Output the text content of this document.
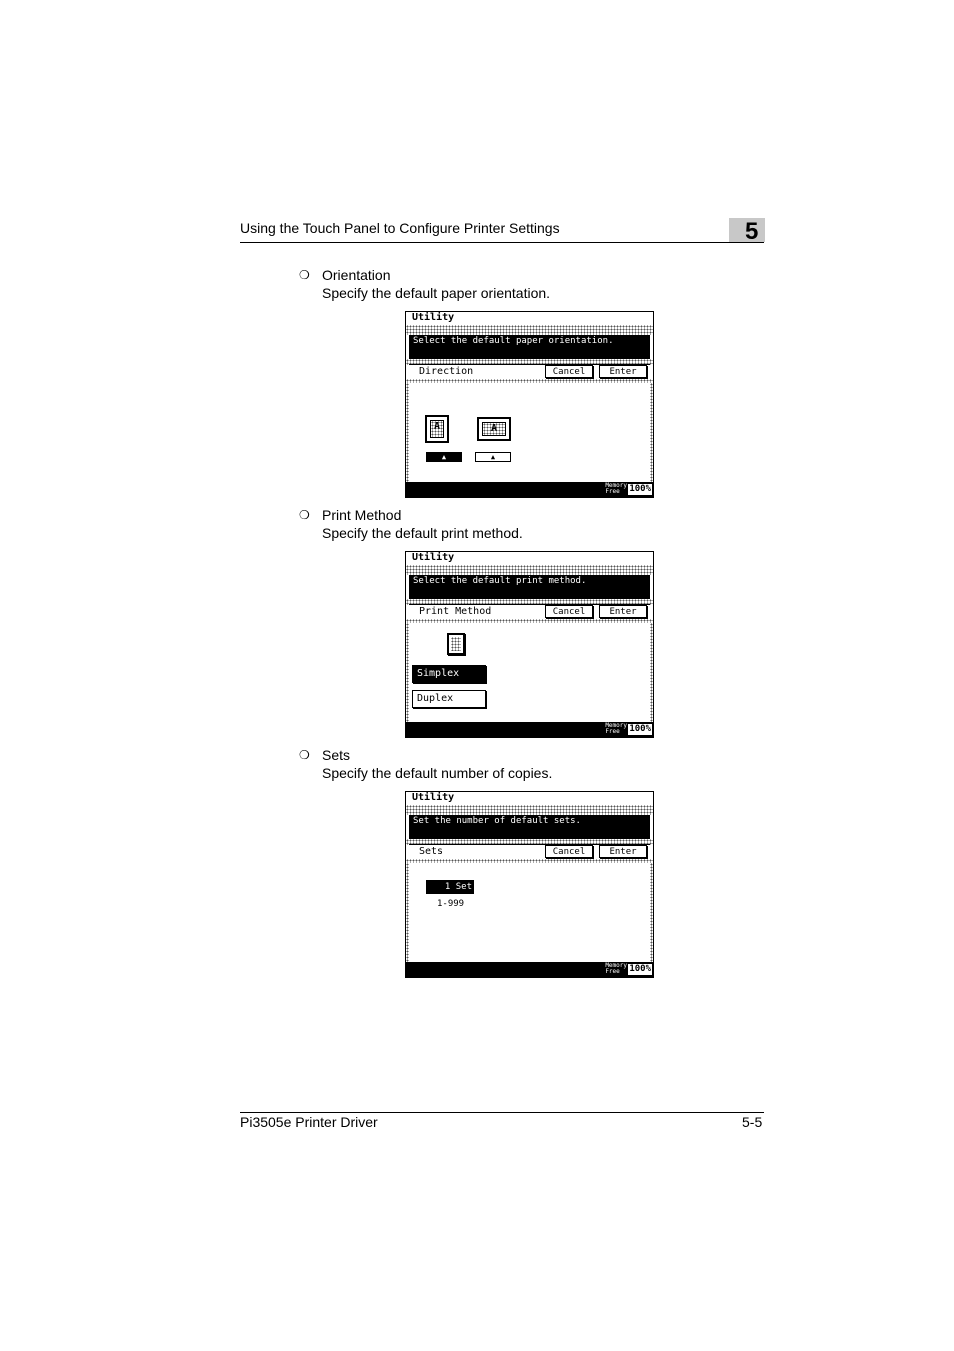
Using the Touch Panel to Configure Printer Settings	5
❍ Orientation
Specify the default paper orientation.
Utility
Select the default paper orientation.
Direction	Cancel	Enter
A
▲
A
▲
Memory
Free	100%
❍ Print Method
Specify the default print method.
Utility
Select the default print method.
Print Method	Cancel	Enter
Simplex
Duplex
Memory
Free	100%
❍ Sets
Specify the default number of copies.
Utility
Set the number of default sets.
Sets	Cancel	Enter
1 Set
1-999
Memory
Free	100%
Pi3505e Printer Driver	5-5
